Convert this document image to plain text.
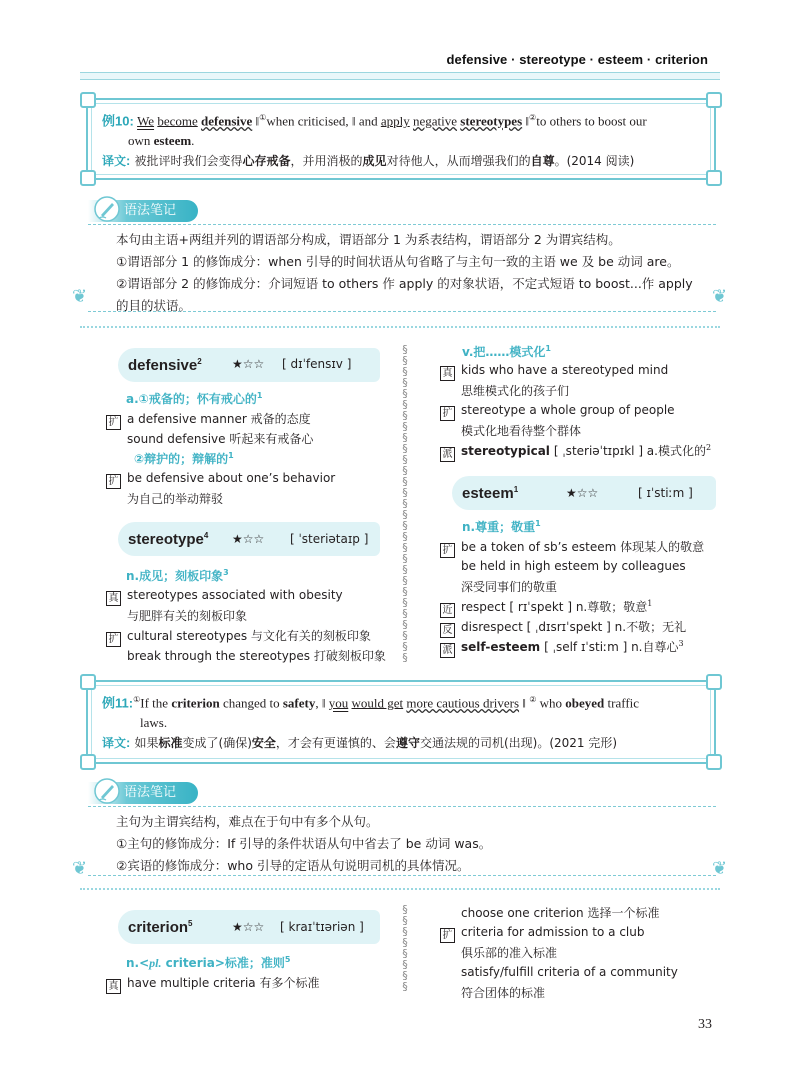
defensive · stereotype · esteem · criterion
例10: We become defensive ‖①when criticised, ‖ and apply negative stereotypes ‖②to others to boost our
own esteem.
译文: 被批评时我们会变得心存戒备，并用消极的成见对待他人，从而增强我们的自尊。(2014 阅读)
语法笔记

本句由主语+两组并列的谓语部分构成，谓语部分 1 为系表结构，谓语部分 2 为谓宾结构。

①谓语部分 1 的修饰成分：when 引导的时间状语从句省略了与主句一致的主语 we 及 be 动词 are。

②谓语部分 2 的修饰成分：介词短语 to others 作 apply 的对象状语，不定式短语 to boost...作 apply

的目的状语。

❦	❦
defensive$^2$	★☆☆ [ dɪˈfensɪv ]
a.①戒备的；怀有戒心的$^1$
扩 a defensive manner 戒备的态度
sound defensive 听起来有戒备心
②辩护的；辩解的$^1$
扩 be defensive about one’s behavior
为自己的举动辩驳
stereotype$^4$ ★☆☆ [ ˈsteriətaɪp ]
n.成见；刻板印象$^3$
真 stereotypes associated with obesity
与肥胖有关的刻板印象
扩 cultural stereotypes 与文化有关的刻板印象
break through the stereotypes 打破刻板印象
§
§
§
§
§
§
§
§
§
§
§
§
§
§
§
§
§
§
§
§
§
§
§
§
§
§
§
§
§
v.把……模式化$^1$
真 kids who have a stereotyped mind
思维模式化的孩子们
扩 stereotype a whole group of people
模式化地看待整个群体
派 stereotypical [ ˌsteriəˈtɪpɪkl ] a.模式化的$^2$
esteem$^1$	★☆☆	[ ɪˈstiːm ]
n.尊重；敬重$^1$
扩 be a token of sb’s esteem 体现某人的敬意
be held in high esteem by colleagues
深受同事们的敬重
近 respect [ rɪˈspekt ] n.尊敬；敬意$^1$
反 disrespect [ ˌdɪsrɪˈspekt ] n.不敬；无礼
派 self-esteem [ ˌself ɪˈstiːm ] n.自尊心$^3$
例11:①If the criterion changed to safety, ‖ you would get more cautious drivers ‖ ② who obeyed traffic
laws.
译文: 如果标准变成了(确保)安全，才会有更谨慎的、会遵守交通法规的司机(出现)。(2021 完形)
语法笔记

主句为主谓宾结构，难点在于句中有多个从句。

①主句的修饰成分：If 引导的条件状语从句中省去了 be 动词 was。

②宾语的修饰成分：who 引导的定语从句说明司机的具体情况。

❦	❦
criterion$^5$	★☆☆ [ kraɪˈtɪəriən ]
n.<pl. criteria>标准；准则$^5$
真 have multiple criteria 有多个标准
§
§
§
§
§
§
§
§
choose one criterion 选择一个标准
扩 criteria for admission to a club
俱乐部的准入标准
satisfy/fulfill criteria of a community
符合团体的标准
33
